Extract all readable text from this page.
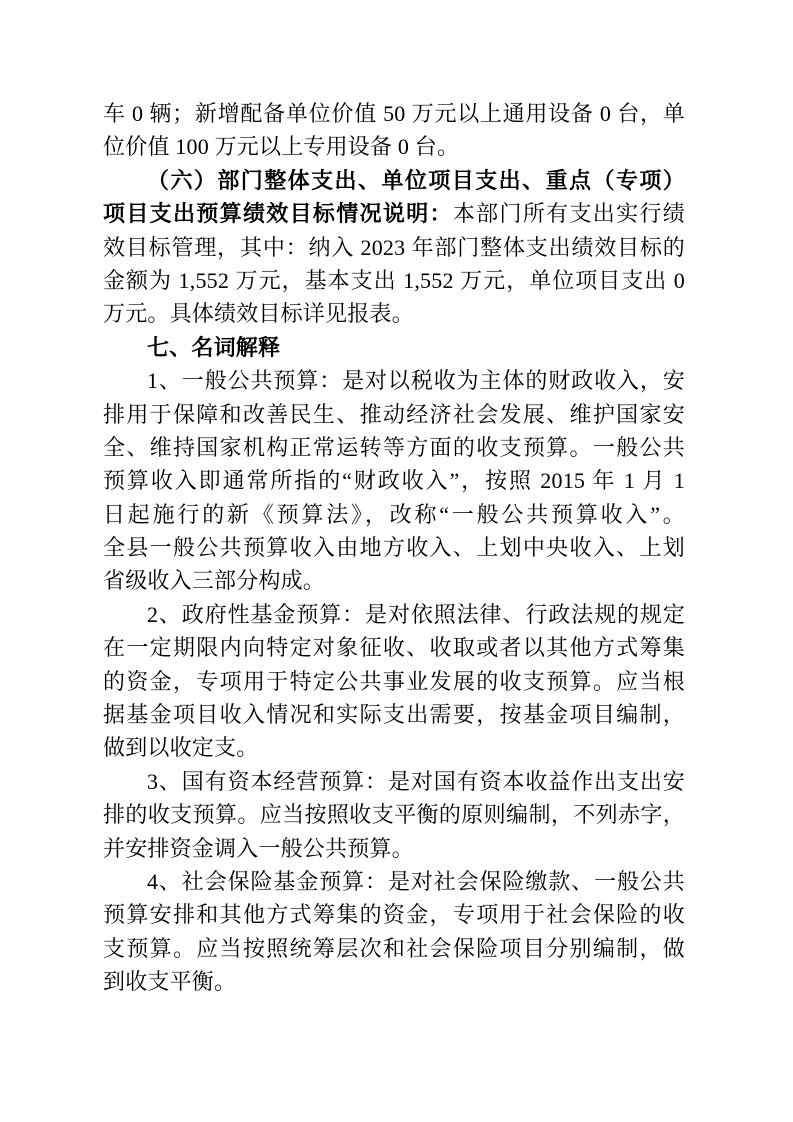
车 0 辆；新增配备单位价值 50 万元以上通用设备 0 台，单
位价值 100 万元以上专用设备 0 台。
（六）部门整体支出、单位项目支出、重点（专项）
项目支出预算绩效目标情况说明：本部门所有支出实行绩
效目标管理，其中：纳入 2023 年部门整体支出绩效目标的
金额为 1,552 万元，基本支出 1,552 万元，单位项目支出 0
万元。具体绩效目标详见报表。
七、名词解释
1、一般公共预算：是对以税收为主体的财政收入，安
排用于保障和改善民生、推动经济社会发展、维护国家安
全、维持国家机构正常运转等方面的收支预算。一般公共
预算收入即通常所指的“财政收入”，按照 2015 年 1 月 1
日起施行的新《预算法》，改称“一般公共预算收入”。
全县一般公共预算收入由地方收入、上划中央收入、上划
省级收入三部分构成。
2、政府性基金预算：是对依照法律、行政法规的规定
在一定期限内向特定对象征收、收取或者以其他方式筹集
的资金，专项用于特定公共事业发展的收支预算。应当根
据基金项目收入情况和实际支出需要，按基金项目编制，
做到以收定支。
3、国有资本经营预算：是对国有资本收益作出支出安
排的收支预算。应当按照收支平衡的原则编制，不列赤字，
并安排资金调入一般公共预算。
4、社会保险基金预算：是对社会保险缴款、一般公共
预算安排和其他方式筹集的资金，专项用于社会保险的收
支预算。应当按照统筹层次和社会保险项目分别编制，做
到收支平衡。
